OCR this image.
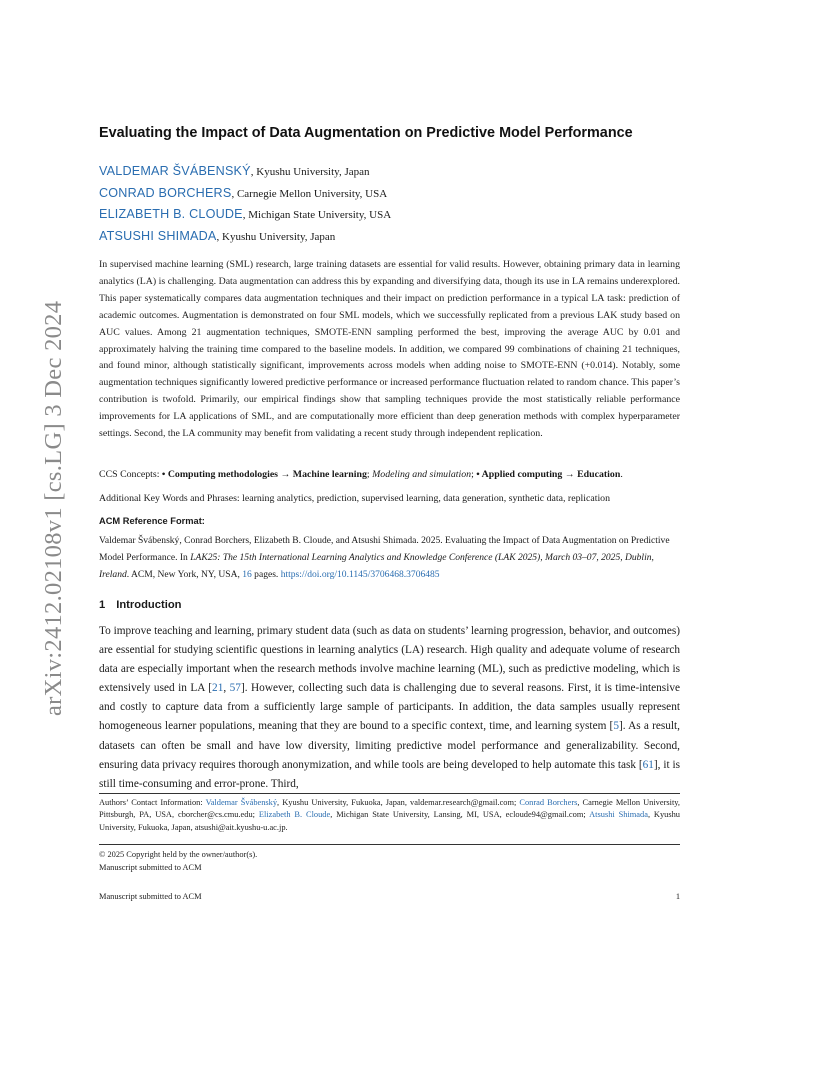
arXiv:2412.02108v1 [cs.LG] 3 Dec 2024
Evaluating the Impact of Data Augmentation on Predictive Model Performance
VALDEMAR ŠVÁBENSKÝ, Kyushu University, Japan
CONRAD BORCHERS, Carnegie Mellon University, USA
ELIZABETH B. CLOUDE, Michigan State University, USA
ATSUSHI SHIMADA, Kyushu University, Japan
In supervised machine learning (SML) research, large training datasets are essential for valid results. However, obtaining primary data in learning analytics (LA) is challenging. Data augmentation can address this by expanding and diversifying data, though its use in LA remains underexplored. This paper systematically compares data augmentation techniques and their impact on prediction performance in a typical LA task: prediction of academic outcomes. Augmentation is demonstrated on four SML models, which we successfully replicated from a previous LAK study based on AUC values. Among 21 augmentation techniques, SMOTE-ENN sampling performed the best, improving the average AUC by 0.01 and approximately halving the training time compared to the baseline models. In addition, we compared 99 combinations of chaining 21 techniques, and found minor, although statistically significant, improvements across models when adding noise to SMOTE-ENN (+0.014). Notably, some augmentation techniques significantly lowered predictive performance or increased performance fluctuation related to random chance. This paper’s contribution is twofold. Primarily, our empirical findings show that sampling techniques provide the most statistically reliable performance improvements for LA applications of SML, and are computationally more efficient than deep generation methods with complex hyperparameter settings. Second, the LA community may benefit from validating a recent study through independent replication.
CCS Concepts: • Computing methodologies → Machine learning; Modeling and simulation; • Applied computing → Education.
Additional Key Words and Phrases: learning analytics, prediction, supervised learning, data generation, synthetic data, replication
ACM Reference Format:
Valdemar Švábenský, Conrad Borchers, Elizabeth B. Cloude, and Atsushi Shimada. 2025. Evaluating the Impact of Data Augmentation on Predictive Model Performance. In LAK25: The 15th International Learning Analytics and Knowledge Conference (LAK 2025), March 03–07, 2025, Dublin, Ireland. ACM, New York, NY, USA, 16 pages. https://doi.org/10.1145/3706468.3706485
1 Introduction
To improve teaching and learning, primary student data (such as data on students’ learning progression, behavior, and outcomes) are essential for studying scientific questions in learning analytics (LA) research. High quality and adequate volume of research data are especially important when the research methods involve machine learning (ML), such as predictive modeling, which is extensively used in LA [21, 57]. However, collecting such data is challenging due to several reasons. First, it is time-intensive and costly to capture data from a sufficiently large sample of participants. In addition, the data samples usually represent homogeneous learner populations, meaning that they are bound to a specific context, time, and learning system [5]. As a result, datasets can often be small and have low diversity, limiting predictive model performance and generalizability. Second, ensuring data privacy requires thorough anonymization, and while tools are being developed to help automate this task [61], it is still time-consuming and error-prone. Third,
Authors’ Contact Information: Valdemar Švábenský, Kyushu University, Fukuoka, Japan, valdemar.research@gmail.com; Conrad Borchers, Carnegie Mellon University, Pittsburgh, PA, USA, cborcher@cs.cmu.edu; Elizabeth B. Cloude, Michigan State University, Lansing, MI, USA, ecloude94@gmail.com; Atsushi Shimada, Kyushu University, Fukuoka, Japan, atsushi@ait.kyushu-u.ac.jp.
© 2025 Copyright held by the owner/author(s).
Manuscript submitted to ACM
Manuscript submitted to ACM	1
